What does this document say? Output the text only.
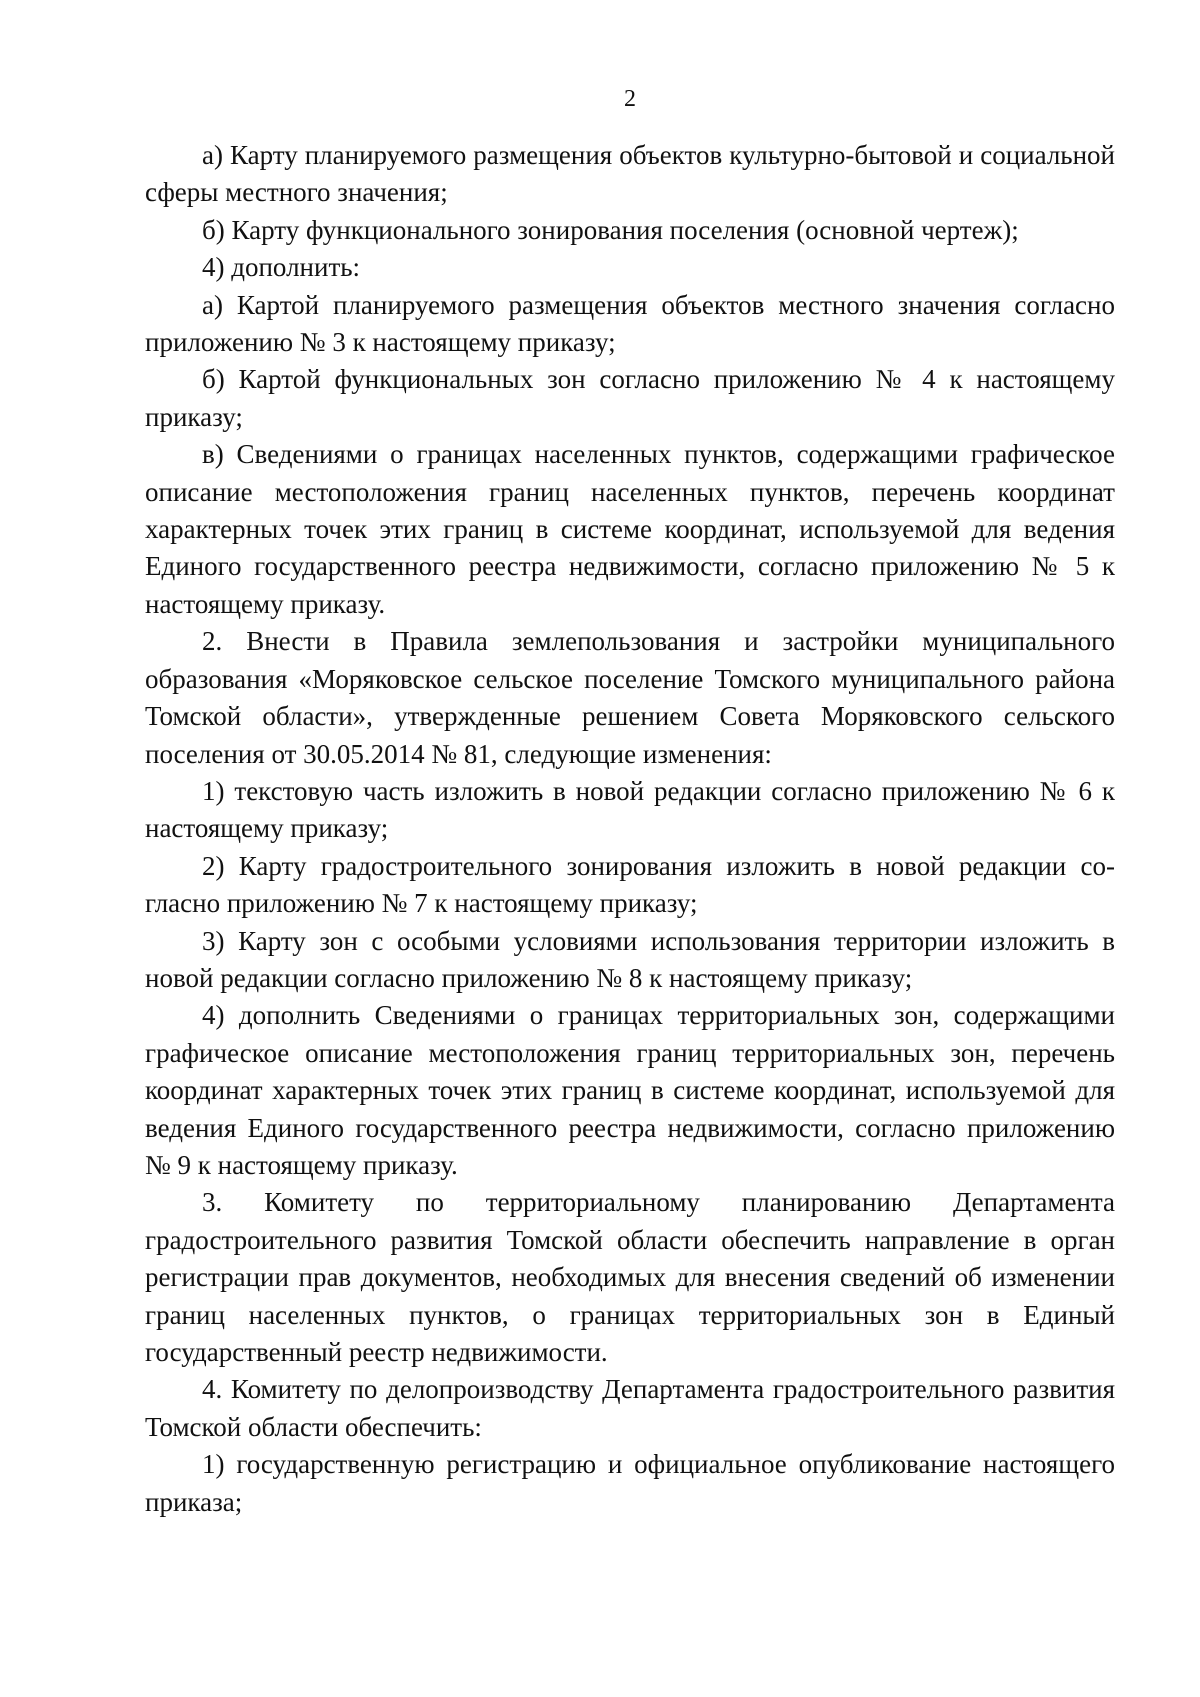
2

а) Карту планируемого размещения объектов культурно-бытовой и социальной сферы местного значения;

б) Карту функционального зонирования поселения (основной чертеж);

4) дополнить:

а) Картой планируемого размещения объектов местного значения согласно приложению № 3 к настоящему приказу;

б) Картой функциональных зон согласно приложению № 4 к настоящему приказу;

в) Сведениями о границах населенных пунктов, содержащими графическое описание местоположения границ населенных пунктов, перечень координат характерных точек этих границ в системе координат, используемой для ведения Единого государственного реестра недвижимости, согласно приложению № 5 к настоящему приказу.

2. Внести в Правила землепользования и застройки муниципального образования «Моряковское сельское поселение Томского муниципального района Томской области», утвержденные решением Совета Моряковского сельского поселения от 30.05.2014 № 81, следующие изменения:

1) текстовую часть изложить в новой редакции согласно приложению № 6 к настоящему приказу;

2) Карту градостроительного зонирования изложить в новой редакции согласно приложению № 7 к настоящему приказу;

3) Карту зон с особыми условиями использования территории изложить в новой редакции согласно приложению № 8 к настоящему приказу;

4) дополнить Сведениями о границах территориальных зон, содержащими графическое описание местоположения границ территориальных зон, перечень координат характерных точек этих границ в системе координат, используемой для ведения Единого государственного реестра недвижимости, согласно приложению № 9 к настоящему приказу.

3. Комитету по территориальному планированию Департамента градостроительного развития Томской области обеспечить направление в орган регистрации прав документов, необходимых для внесения сведений об изменении границ населенных пунктов, о границах территориальных зон в Единый государственный реестр недвижимости.

4. Комитету по делопроизводству Департамента градостроительного развития Томской области обеспечить:

1) государственную регистрацию и официальное опубликование настоящего приказа;
